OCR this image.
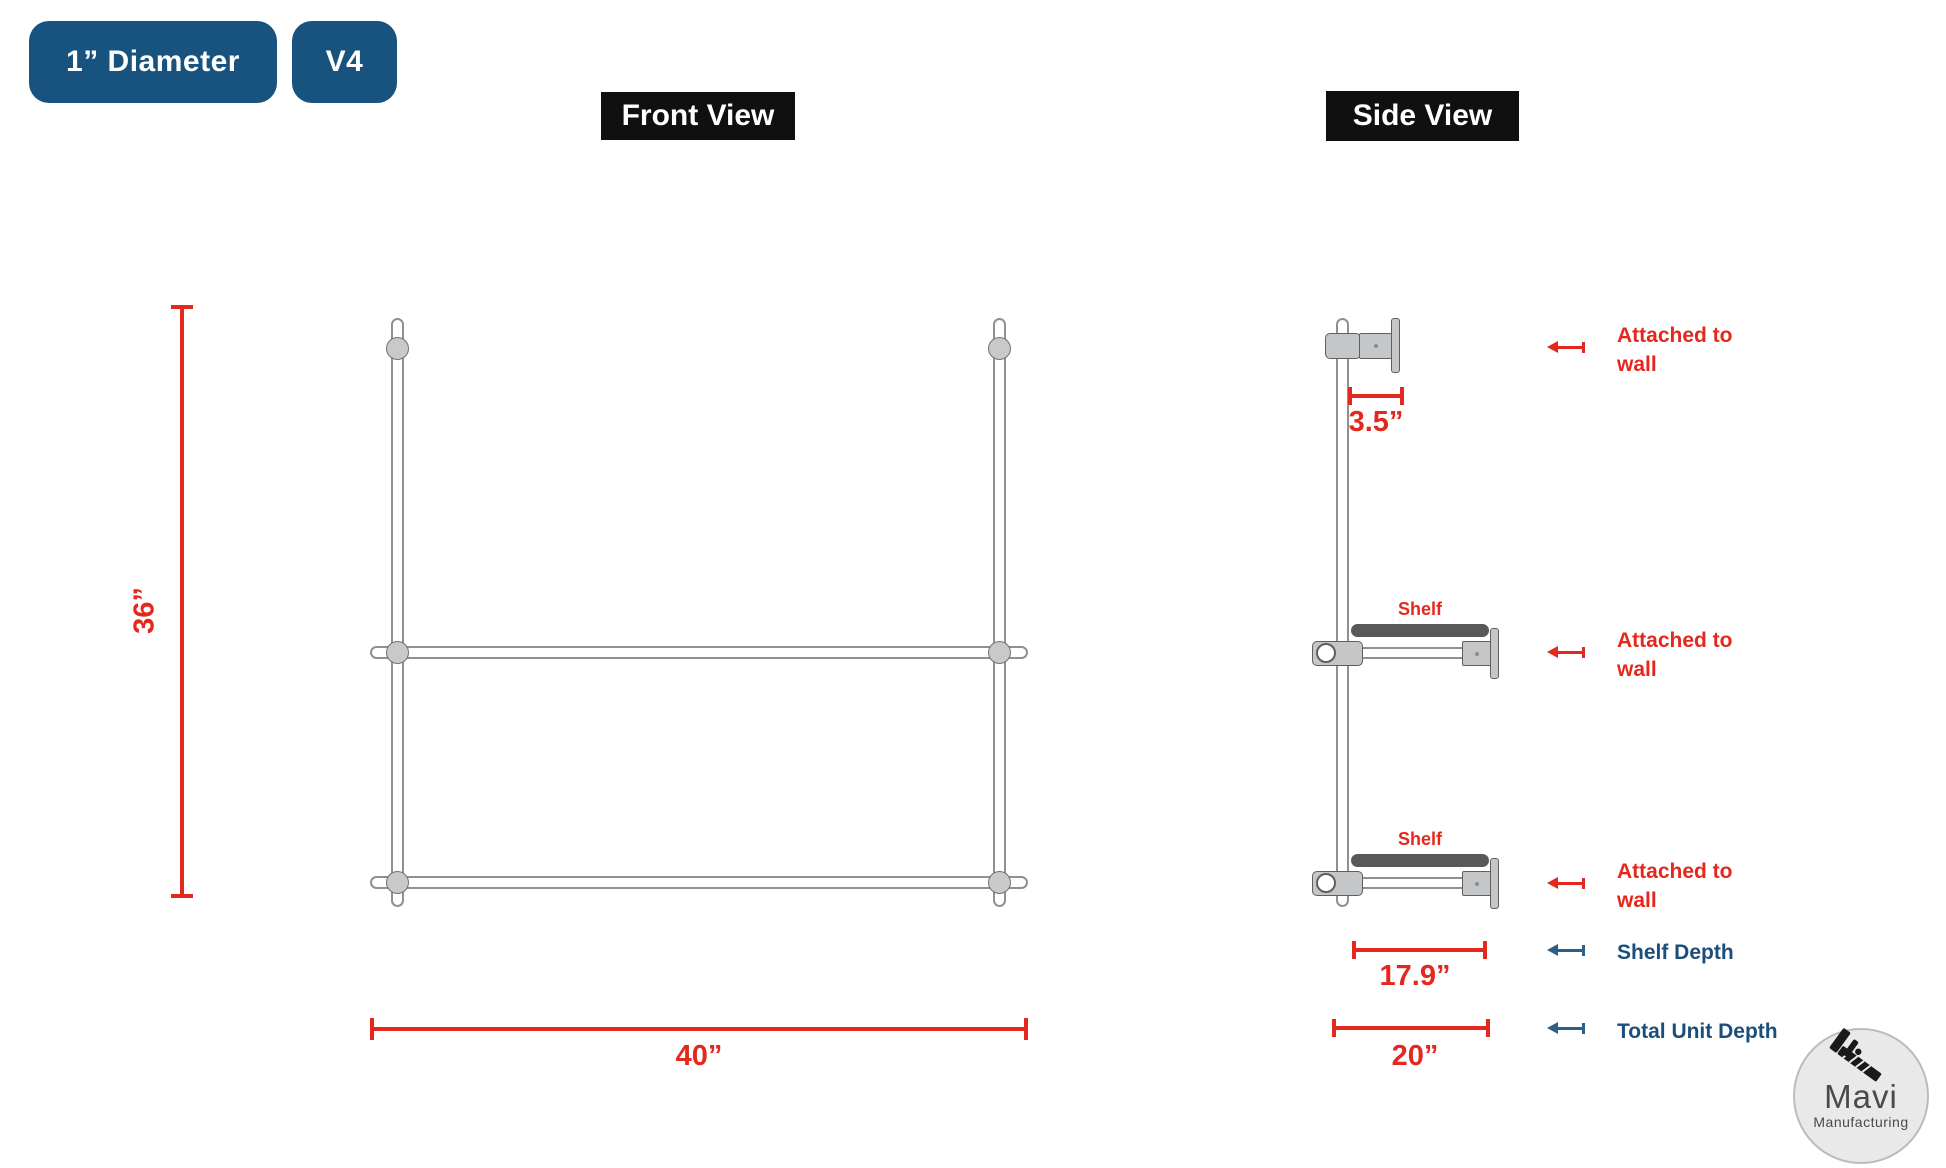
1” Diameter	V4
Front View	Side View
36”
40”
3.5”
Shelf
Shelf
17.9”
20”
Attached to wall
Attached to wall
Attached to wall
Shelf Depth
Total Unit Depth
Mavi
Manufacturing
